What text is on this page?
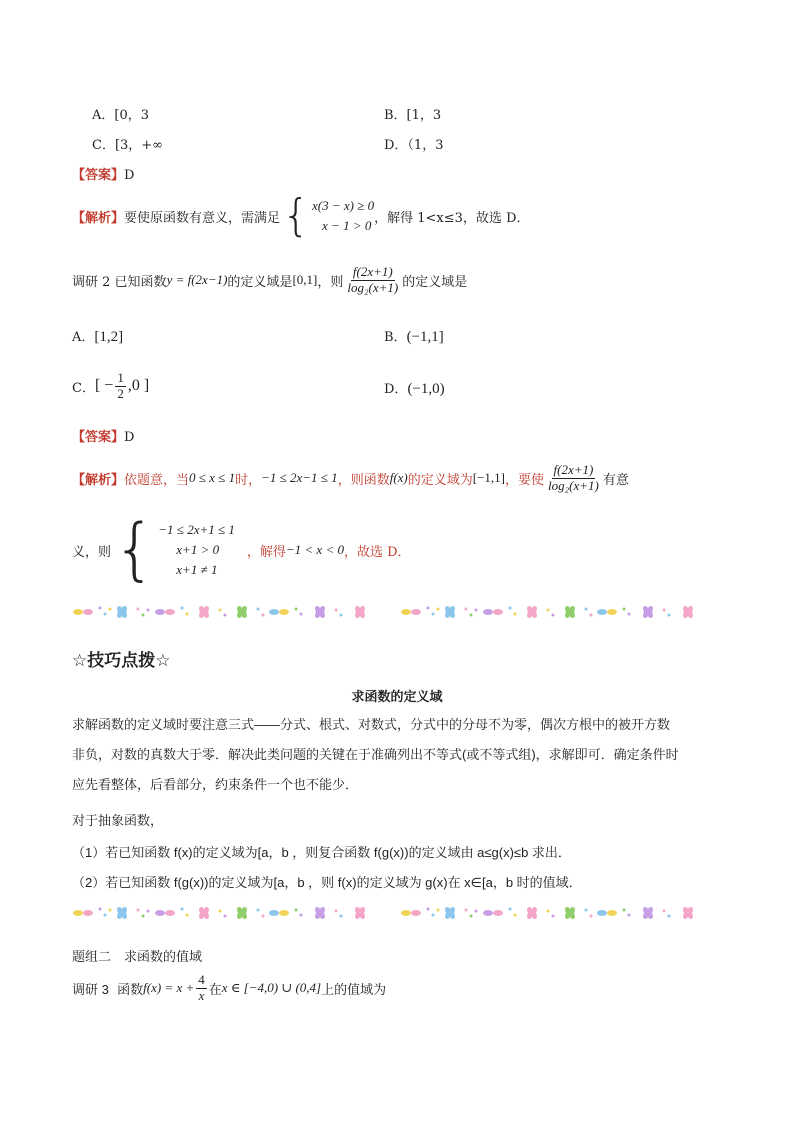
A．[0，3	B．[1，3
C．[3，+∞	D．（1，3
【答案】D
【解析】 要使原函数有意义，需满足 { x(3 − x) ≥ 0
x − 1 > 0 ，解得 1<x≤3，故选 D．
调研 2
已知函数 y = f(2x−1) 的定义域是 [0,1] ，则 $\frac{f(2x+1)}{\text{log₂(x+1)}}$ 的定义域是
A．[1,2]	B．(−1,1]
C． [ − $\frac{1}{2} ,0$ ]	D．(−1,0)
【答案】D
【解析】 依题意，当 0 ≤ x ≤ 1 时， −1 ≤ 2x−1 ≤ 1 ，则函数 f(x) 的定义域为 [−1,1] ，要使 $\frac{f(2x+1)}{\text{log₂(x+1)}}$ 有意
义，则 { −1 ≤ 2x+1 ≤ 1
x+1 > 0
x+1 ≠ 1
，解得 −1 < x < 0 ，故选 D．
☆技巧点拨☆
求函数的定义域
求解函数的定义域时要注意三式——分式、根式、对数式，分式中的分母不为零，偶次方根中的被开方数
非负，对数的真数大于零．解决此类问题的关键在于准确列出不等式(或不等式组)，求解即可．确定条件时
应先看整体，后看部分，约束条件一个也不能少．
对于抽象函数，
（1）若已知函数 f(x)的定义域为[a，b ，则复合函数 f(g(x))的定义域由 a≤g(x)≤b 求出．
（2）若已知函数 f(g(x))的定义域为[a，b ，则 f(x)的定义域为 g(x)在 x∈[a，b 时的值域．
题组二　求函数的值域
调研 3
函数 $f(x) = x + \frac{4}{x}$ 在 x ∈ [−4,0) ∪ (0,4] 上的值域为
